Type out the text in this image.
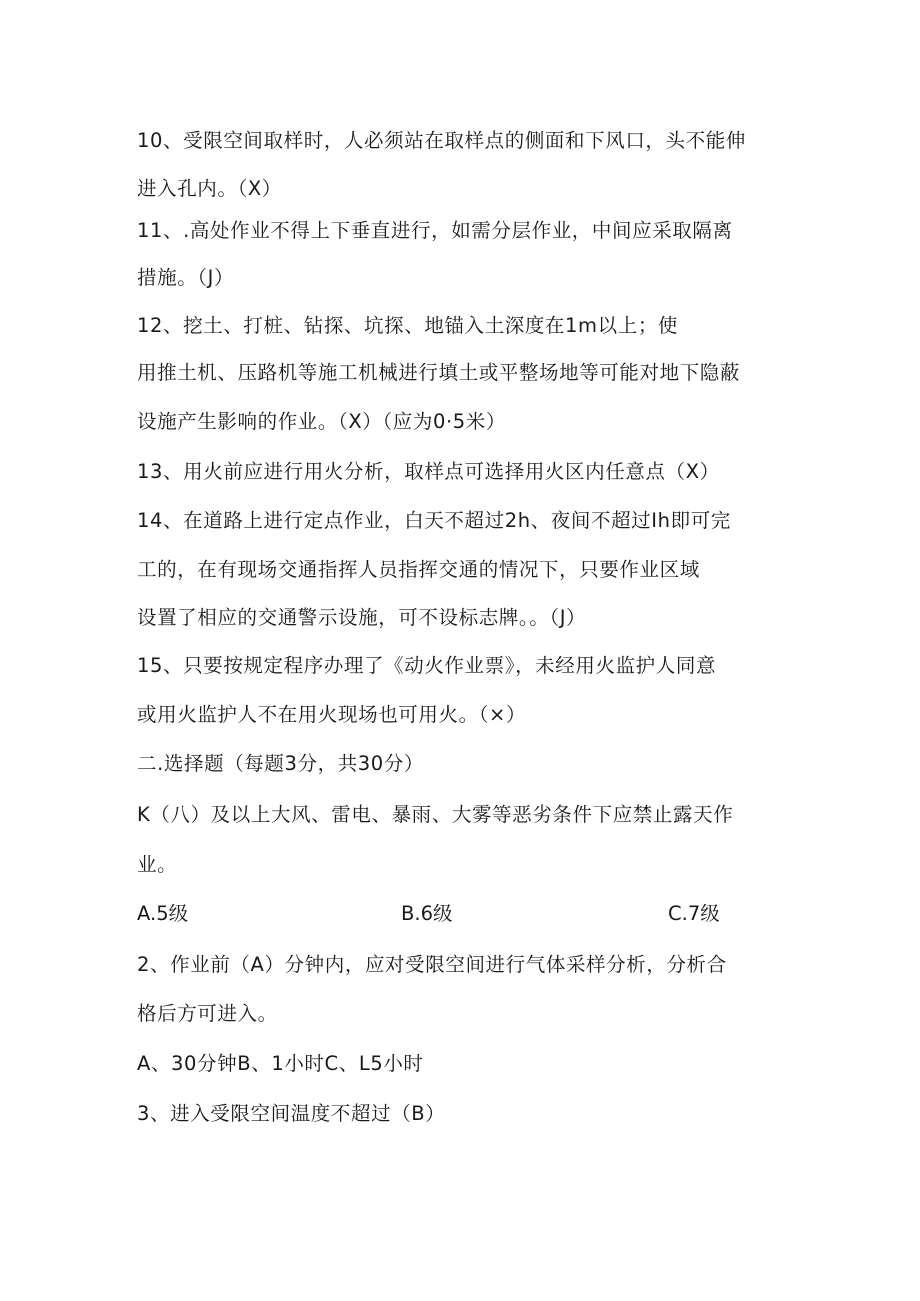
10、受限空间取样时，人必须站在取样点的侧面和下风口，头不能伸
进入孔内。（X）
11、.高处作业不得上下垂直进行，如需分层作业，中间应采取隔离
措施。（J）
12、挖土、打桩、钻探、坑探、地锚入土深度在1m以上；使
用推土机、压路机等施工机械进行填土或平整场地等可能对地下隐蔽
设施产生影响的作业。（X）（应为0·5米）
13、用火前应进行用火分析，取样点可选择用火区内任意点（X）
14、在道路上进行定点作业，白天不超过2h、夜间不超过Ih即可完
工的，在有现场交通指挥人员指挥交通的情况下，只要作业区域
设置了相应的交通警示设施，可不设标志牌。。（J）
15、只要按规定程序办理了《动火作业票》，未经用火监护人同意
或用火监护人不在用火现场也可用火。（×）
二.选择题（每题3分，共30分）
K（八）及以上大风、雷电、暴雨、大雾等恶劣条件下应禁止露天作
业。
A.5级	B.6级	C.7级
2、作业前（A）分钟内，应对受限空间进行气体采样分析，分析合
格后方可进入。
A、30分钟B、1小时C、L5小时
3、进入受限空间温度不超过（B）
